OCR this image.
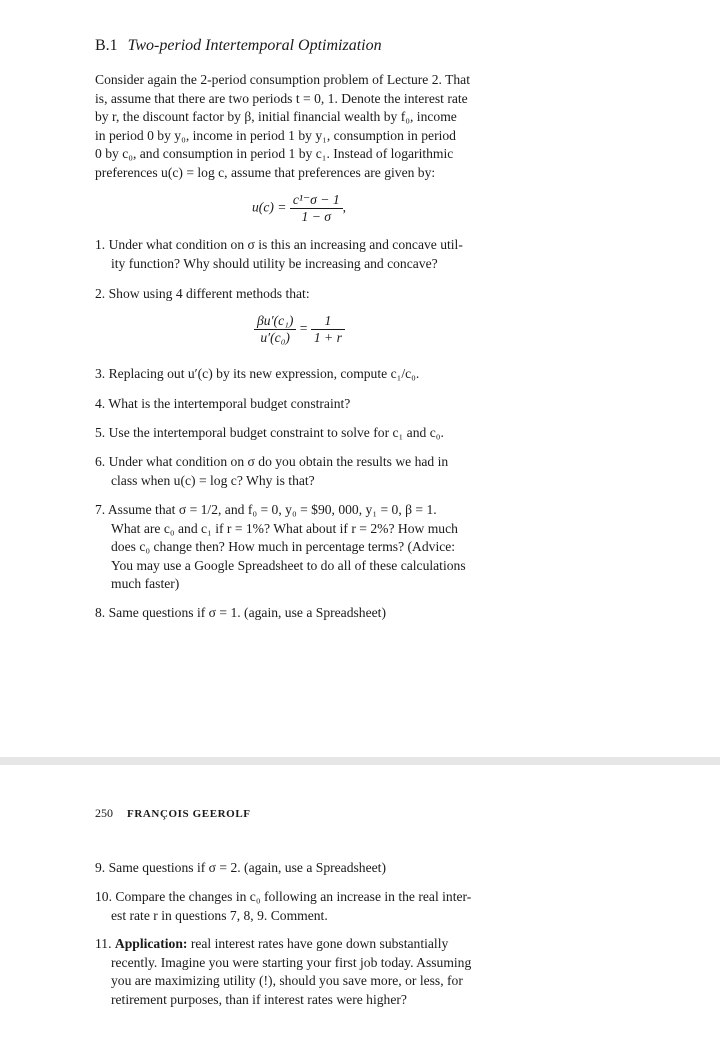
B.1 Two-period Intertemporal Optimization
Consider again the 2-period consumption problem of Lecture 2. That
is, assume that there are two periods t = 0, 1. Denote the interest rate
by r, the discount factor by β, initial financial wealth by f₀, income
in period 0 by y₀, income in period 1 by y₁, consumption in period
0 by c₀, and consumption in period 1 by c₁. Instead of logarithmic
preferences u(c) = log c, assume that preferences are given by:
$u(c) = \frac{\text{c¹⁻σ − 1}}{1 - \sigma}$ ,
1. Under what condition on σ is this an increasing and concave util-
ity function? Why should utility be increasing and concave?
2. Show using 4 different methods that:
$\frac{\text{βu′(c₁)}}{\text{u′(c₀)}} = \frac{1}{1 + r}$
3. Replacing out u′(c) by its new expression, compute c₁/c₀.
4. What is the intertemporal budget constraint?
5. Use the intertemporal budget constraint to solve for c₁ and c₀.
6. Under what condition on σ do you obtain the results we had in
class when u(c) = log c? Why is that?
7. Assume that σ = 1/2, and f₀ = 0, y₀ = $90, 000, y₁ = 0, β = 1.
What are c₀ and c₁ if r = 1%? What about if r = 2%? How much
does c₀ change then? How much in percentage terms? (Advice:
You may use a Google Spreadsheet to do all of these calculations
much faster)
8. Same questions if σ = 1. (again, use a Spreadsheet)
250 FRANÇOIS GEEROLF
9. Same questions if σ = 2. (again, use a Spreadsheet)
10. Compare the changes in c₀ following an increase in the real inter-
est rate r in questions 7, 8, 9. Comment.
11. Application: real interest rates have gone down substantially
recently. Imagine you were starting your first job today. Assuming
you are maximizing utility (!), should you save more, or less, for
retirement purposes, than if interest rates were higher?
